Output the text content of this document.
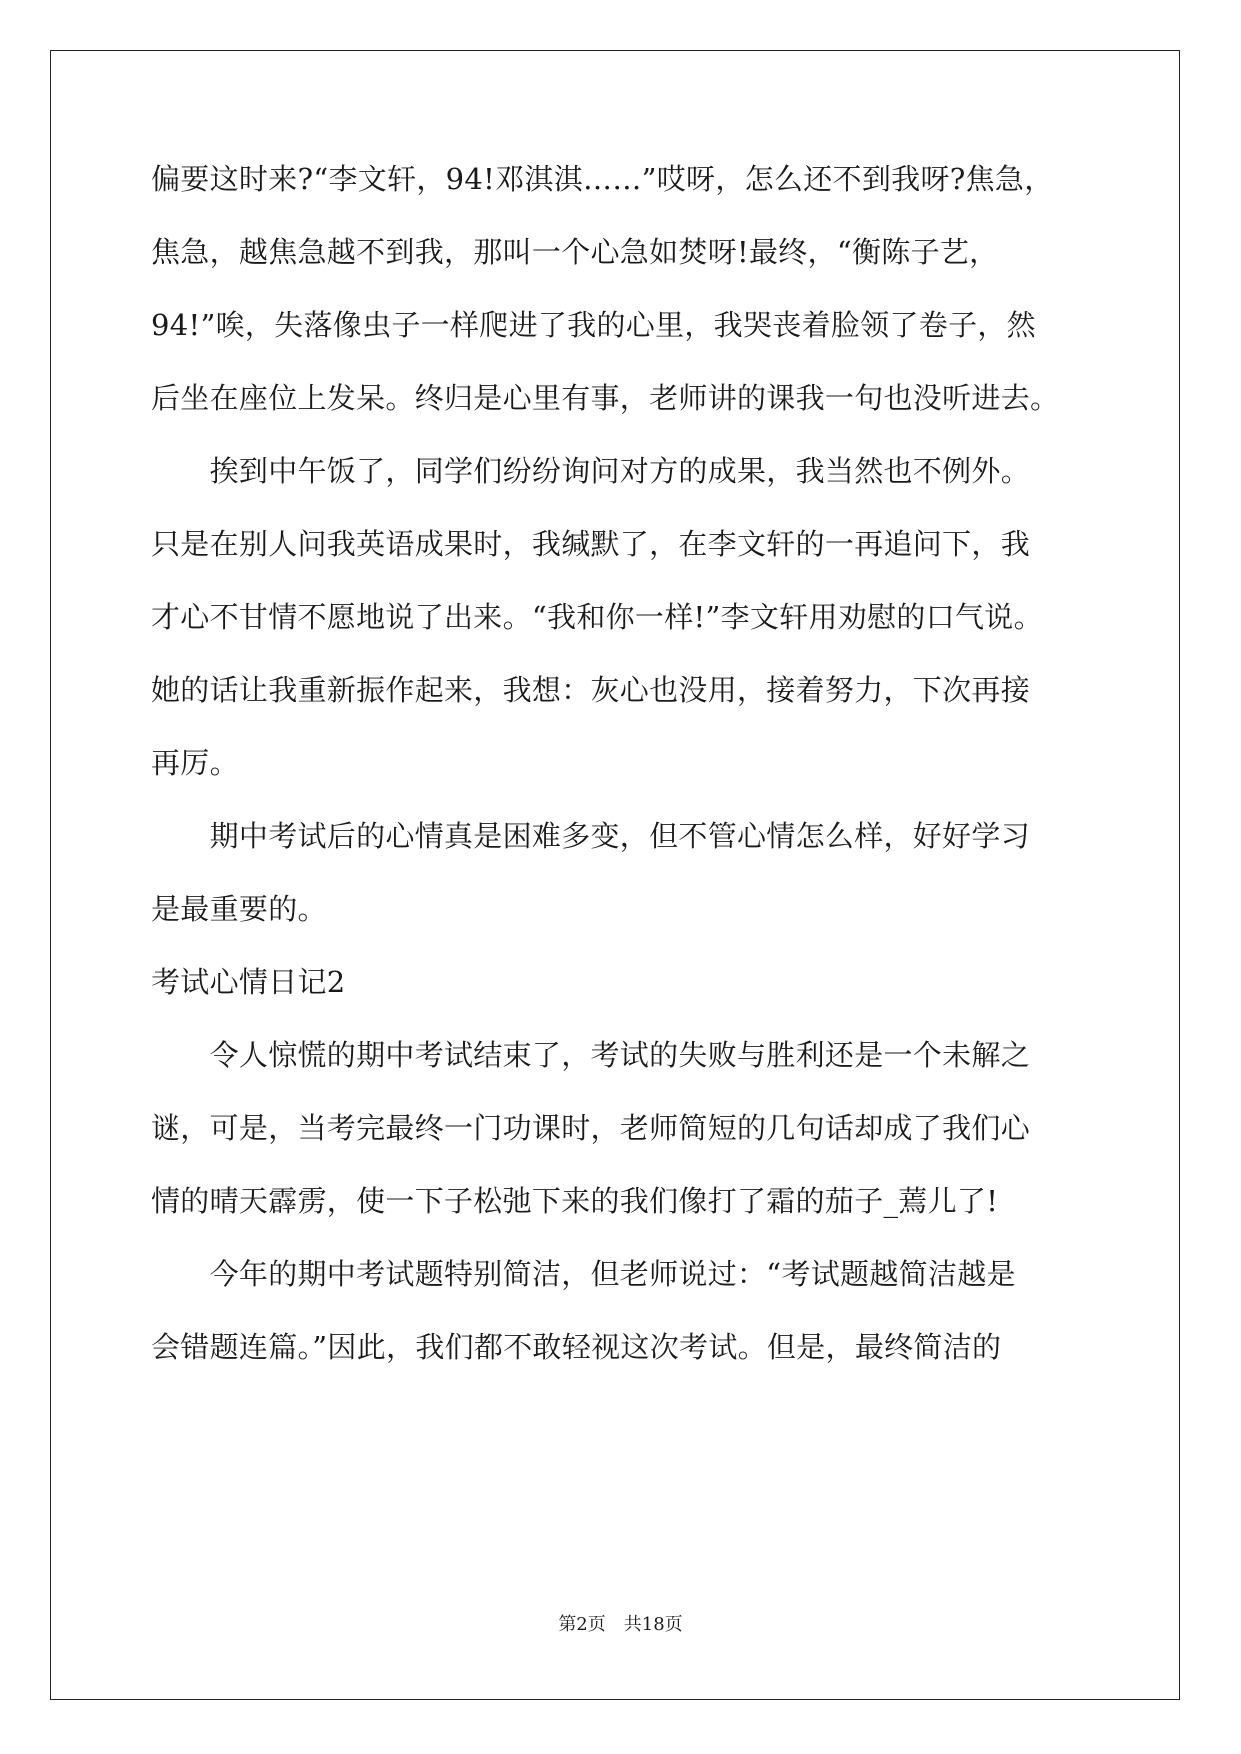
偏要这时来?“李文轩，94!邓淇淇……”哎呀，怎么还不到我呀?焦急，
焦急，越焦急越不到我，那叫一个心急如焚呀!最终，“衡陈子艺，
94!”唉，失落像虫子一样爬进了我的心里，我哭丧着脸领了卷子，然
后坐在座位上发呆。终归是心里有事，老师讲的课我一句也没听进去。
　　挨到中午饭了，同学们纷纷询问对方的成果，我当然也不例外。
只是在别人问我英语成果时，我缄默了，在李文轩的一再追问下，我
才心不甘情不愿地说了出来。“我和你一样!”李文轩用劝慰的口气说。
她的话让我重新振作起来，我想：灰心也没用，接着努力，下次再接
再厉。
　　期中考试后的心情真是困难多变，但不管心情怎么样，好好学习
是最重要的。
考试心情日记2
　　令人惊慌的期中考试结束了，考试的失败与胜利还是一个未解之
谜，可是，当考完最终一门功课时，老师简短的几句话却成了我们心
情的晴天霹雳，使一下子松弛下来的我们像打了霜的茄子_蔫儿了!
　　今年的期中考试题特别简洁，但老师说过：“考试题越简洁越是
会错题连篇。”因此，我们都不敢轻视这次考试。但是，最终简洁的
第2页　共18页
